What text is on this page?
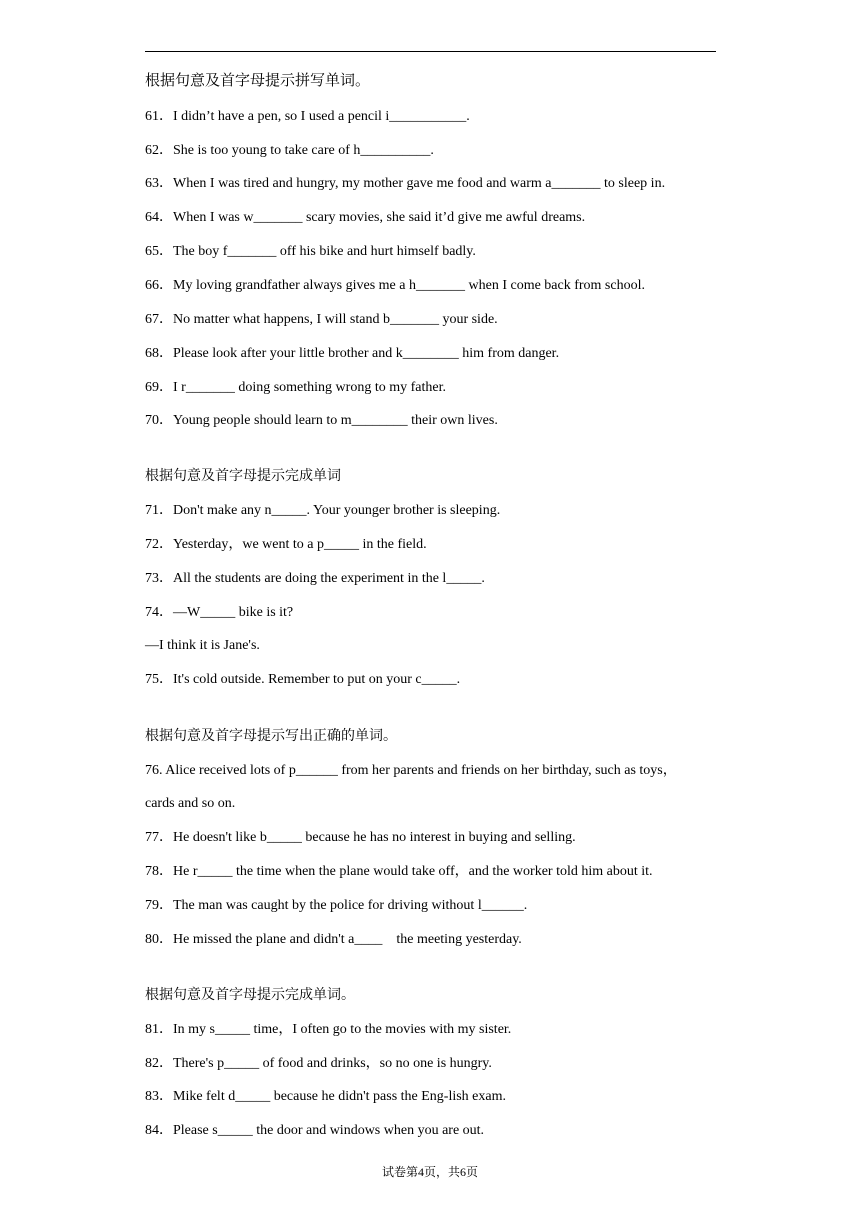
根据句意及首字母提示拼写单词。
61．I didn’t have a pen, so I used a pencil i___________.
62．She is too young to take care of h__________.
63．When I was tired and hungry, my mother gave me food and warm a_______ to sleep in.
64．When I was w_______ scary movies, she said it’d give me awful dreams.
65．The boy f_______ off his bike and hurt himself badly.
66．My loving grandfather always gives me a h_______ when I come back from school.
67．No matter what happens, I will stand b_______ your side.
68．Please look after your little brother and k________ him from danger.
69．I r_______ doing something wrong to my father.
70．Young people should learn to m________ their own lives.
根据句意及首字母提示完成单词
71．Don't make any n_____. Your younger brother is sleeping.
72．Yesterday，we went to a p_____ in the field.
73．All the students are doing the experiment in the l_____.
74．—W_____ bike is it?
—I think it is Jane's.
75．It's cold outside. Remember to put on your c_____.
根据句意及首字母提示写出正确的单词。
76. Alice received lots of p______ from her parents and friends on her birthday, such as toys，
cards and so on.
77．He doesn't like b_____ because he has no interest in buying and selling.
78．He r_____ the time when the plane would take off，and the worker told him about it.
79．The man was caught by the police for driving without l______.
80．He missed the plane and didn't a____　the meeting yesterday.
根据句意及首字母提示完成单词。
81．In my s_____ time，I often go to the movies with my sister.
82．There's p_____ of food and drinks，so no one is hungry.
83．Mike felt d_____ because he didn't pass the Eng-lish exam.
84．Please s_____ the door and windows when you are out.
试卷第4页，共6页
